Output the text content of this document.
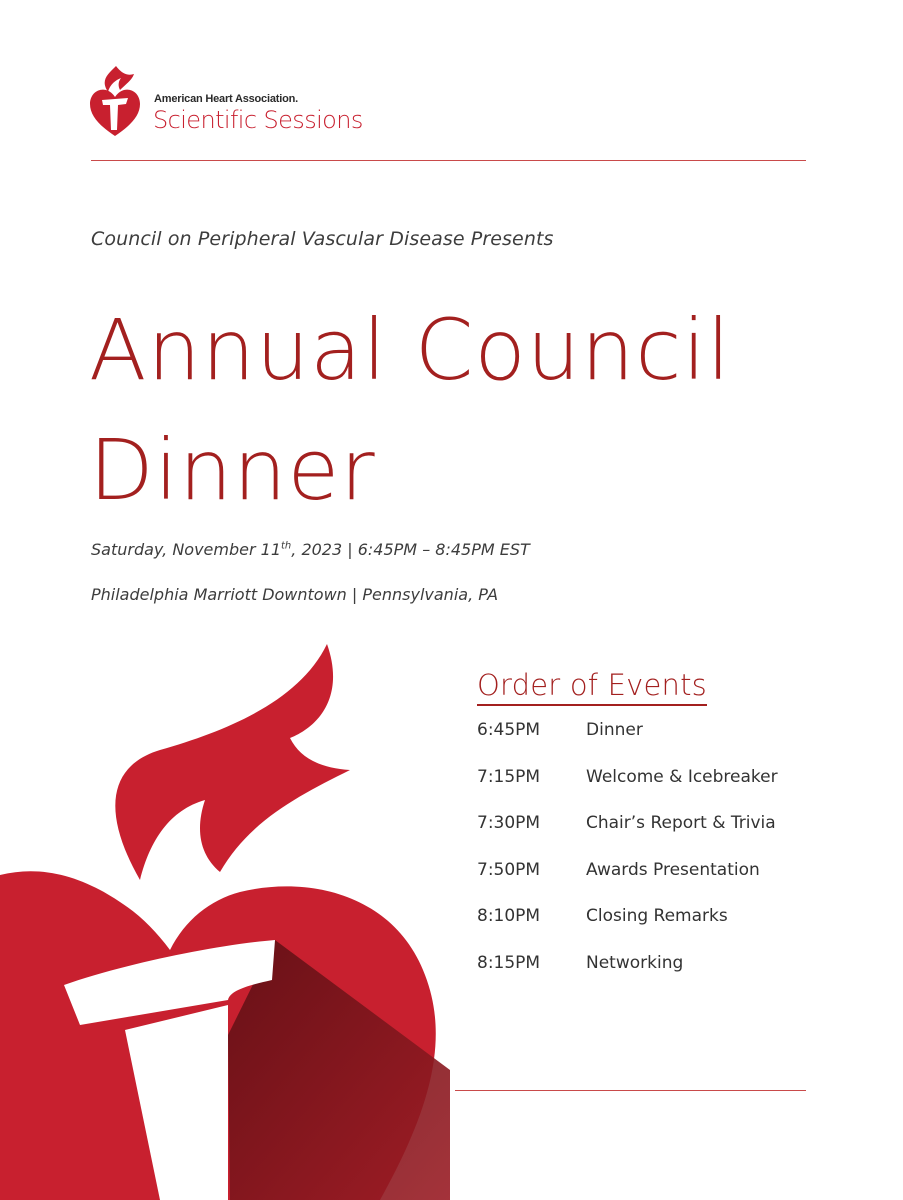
American Heart Association.
Scientific Sessions
Council on Peripheral Vascular Disease Presents
Annual Council
Dinner
Saturday, November 11th, 2023 | 6:45PM – 8:45PM EST
Philadelphia Marriott Downtown | Pennsylvania, PA
Order of Events
6:45PM	Dinner
7:15PM	Welcome & Icebreaker
7:30PM	Chair’s Report & Trivia
7:50PM	Awards Presentation
8:10PM	Closing Remarks
8:15PM	Networking
